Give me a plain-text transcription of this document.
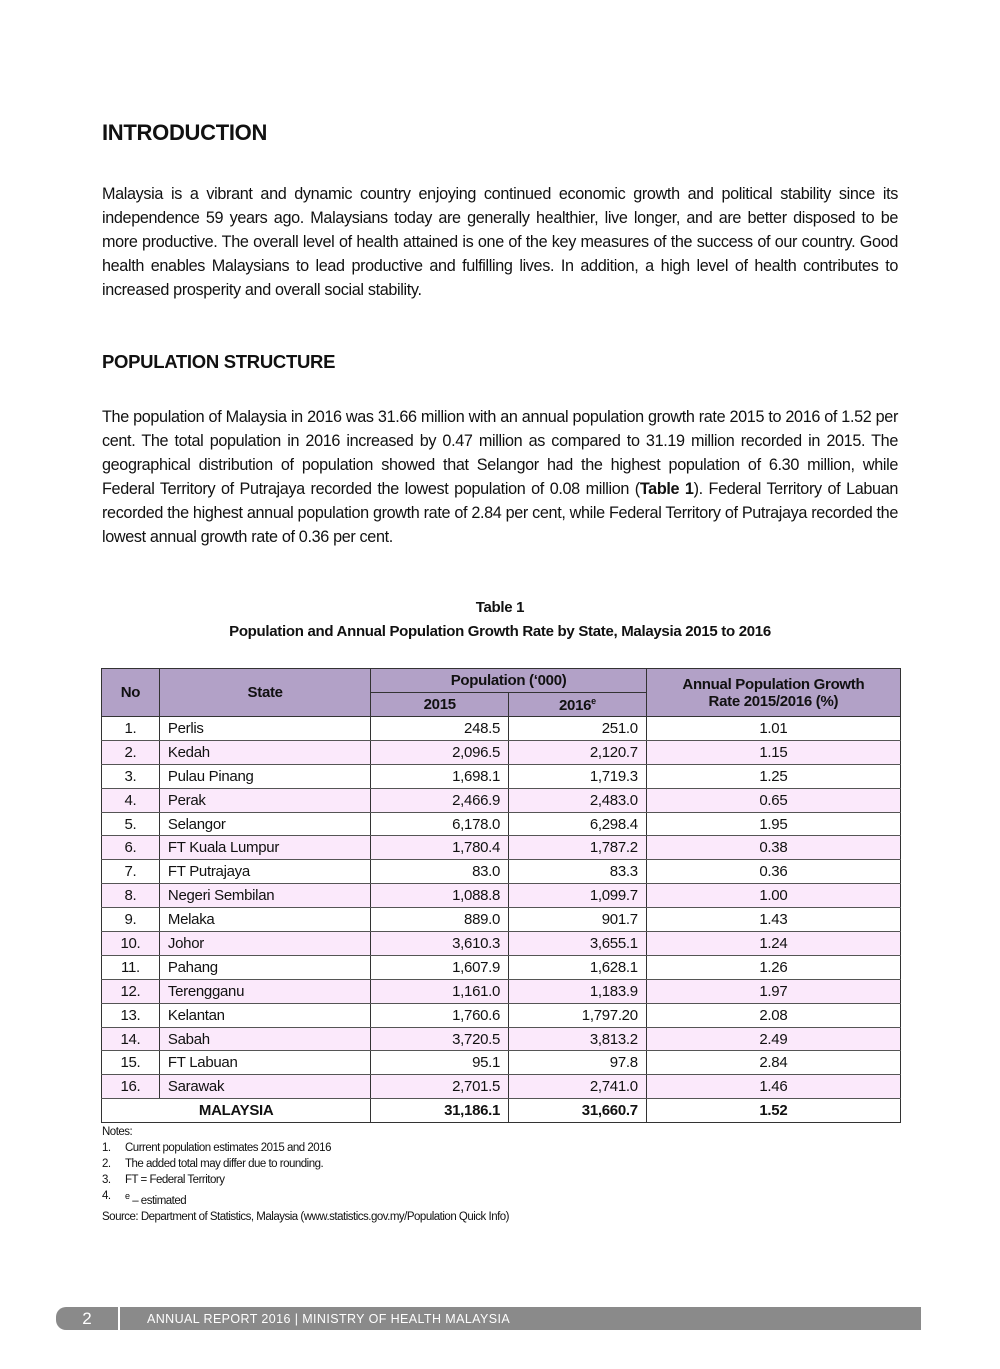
INTRODUCTION

Malaysia is a vibrant and dynamic country enjoying continued economic growth and political stability since its independence 59 years ago. Malaysians today are generally healthier, live longer, and are better disposed to be more productive. The overall level of health attained is one of the key measures of the success of our country. Good health enables Malaysians to lead productive and fulfilling lives. In addition, a high level of health contributes to increased prosperity and overall social stability.

POPULATION STRUCTURE

The population of Malaysia in 2016 was 31.66 million with an annual population growth rate 2015 to 2016 of 1.52 per cent. The total population in 2016 increased by 0.47 million as compared to 31.19 million recorded in 2015. The geographical distribution of population showed that Selangor had the highest population of 6.30 million, while Federal Territory of Putrajaya recorded the lowest population of 0.08 million (Table 1). Federal Territory of Labuan recorded the highest annual population growth rate of 2.84 per cent, while Federal Territory of Putrajaya recorded the lowest annual growth rate of 0.36 per cent.

Table 1
Population and Annual Population Growth Rate by State, Malaysia 2015 to 2016
No	State	Population (‘000)		Annual Population Growth
Rate 2015/2016 (%)
		2015	2016e
1.	Perlis	248.5	251.0	1.01
2.	Kedah	2,096.5	2,120.7	1.15
3.	Pulau Pinang	1,698.1	1,719.3	1.25
4.	Perak	2,466.9	2,483.0	0.65
5.	Selangor	6,178.0	6,298.4	1.95
6.	FT Kuala Lumpur	1,780.4	1,787.2	0.38
7.	FT Putrajaya	83.0	83.3	0.36
8.	Negeri Sembilan	1,088.8	1,099.7	1.00
9.	Melaka	889.0	901.7	1.43
10.	Johor	3,610.3	3,655.1	1.24
11.	Pahang	1,607.9	1,628.1	1.26
12.	Terengganu	1,161.0	1,183.9	1.97
13.	Kelantan	1,760.6	1,797.20	2.08
14.	Sabah	3,720.5	3,813.2	2.49
15.	FT Labuan	95.1	97.8	2.84
16.	Sarawak	2,701.5	2,741.0	1.46
MALAYSIA		31,186.1	31,660.7	1.52
Notes:
1.	Current population estimates 2015 and 2016
2.	The added total may differ due to rounding.
3.	FT = Federal Territory
4.	$^e$ – estimated
Source: Department of Statistics, Malaysia (www.statistics.gov.my/Population Quick Info)
2	ANNUAL REPORT 2016 | MINISTRY OF HEALTH MALAYSIA
